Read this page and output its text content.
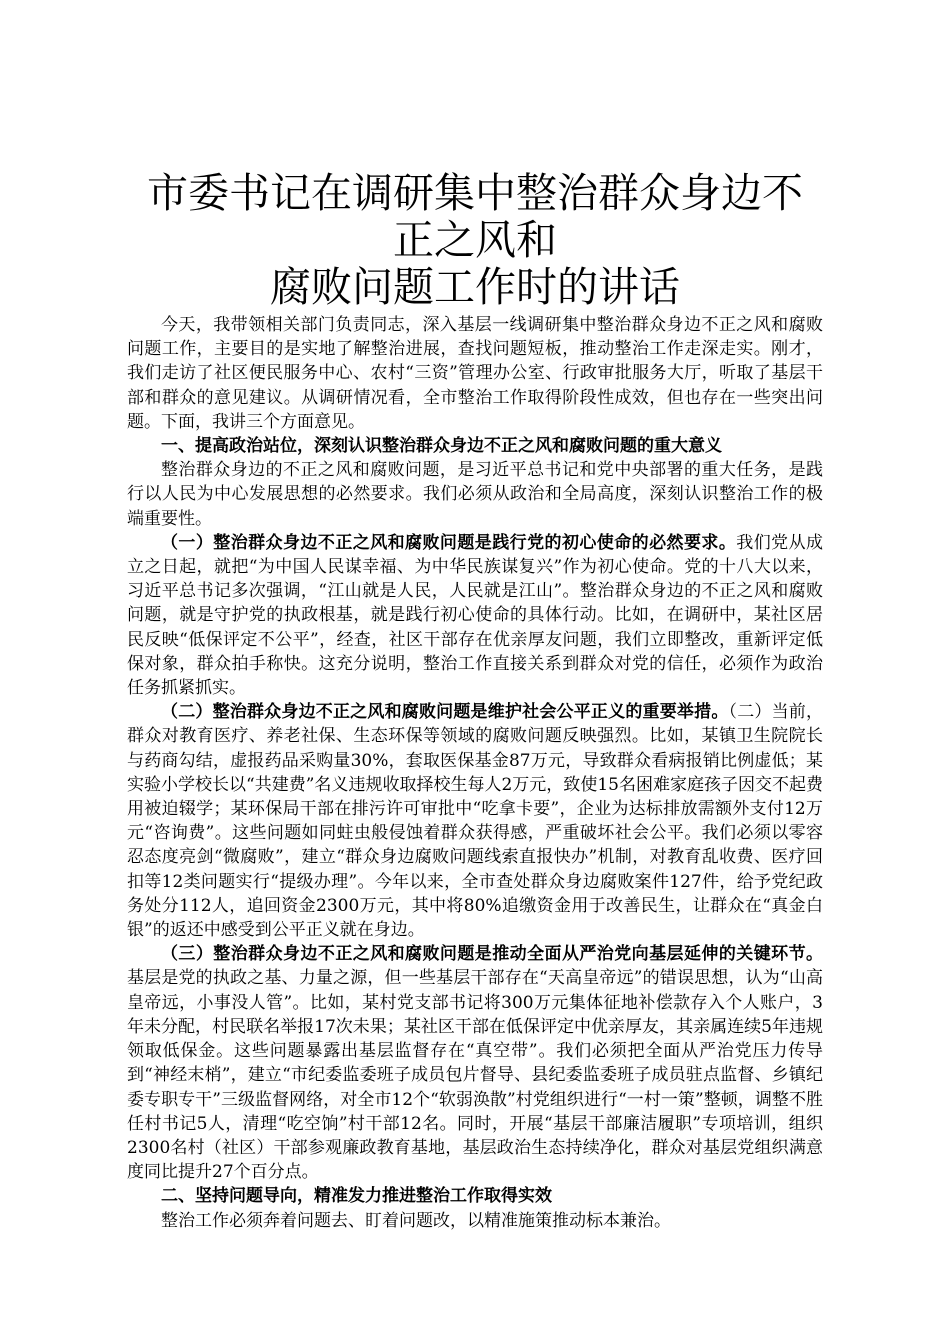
市委书记在调研集中整治群众身边不正之风和
腐败问题工作时的讲话

今天，我带领相关部门负责同志，深入基层一线调研集中整治群众身边不正之风和腐败问题工作，主要目的是实地了解整治进展，查找问题短板，推动整治工作走深走实。刚才，我们走访了社区便民服务中心、农村“三资”管理办公室、行政审批服务大厅，听取了基层干部和群众的意见建议。从调研情况看，全市整治工作取得阶段性成效，但也存在一些突出问题。下面，我讲三个方面意见。

一、提高政治站位，深刻认识整治群众身边不正之风和腐败问题的重大意义

整治群众身边的不正之风和腐败问题，是习近平总书记和党中央部署的重大任务，是践行以人民为中心发展思想的必然要求。我们必须从政治和全局高度，深刻认识整治工作的极端重要性。

（一）整治群众身边不正之风和腐败问题是践行党的初心使命的必然要求。我们党从成立之日起，就把“为中国人民谋幸福、为中华民族谋复兴”作为初心使命。党的十八大以来，习近平总书记多次强调，“江山就是人民，人民就是江山”。整治群众身边的不正之风和腐败问题，就是守护党的执政根基，就是践行初心使命的具体行动。比如，在调研中，某社区居民反映“低保评定不公平”，经查，社区干部存在优亲厚友问题，我们立即整改，重新评定低保对象，群众拍手称快。这充分说明，整治工作直接关系到群众对党的信任，必须作为政治任务抓紧抓实。

（二）整治群众身边不正之风和腐败问题是维护社会公平正义的重要举措。（二）当前，群众对教育医疗、养老社保、生态环保等领域的腐败问题反映强烈。比如，某镇卫生院院长与药商勾结，虚报药品采购量30%，套取医保基金87万元，导致群众看病报销比例虚低；某实验小学校长以“共建费”名义违规收取择校生每人2万元，致使15名困难家庭孩子因交不起费用被迫辍学；某环保局干部在排污许可审批中“吃拿卡要”，企业为达标排放需额外支付12万元“咨询费”。这些问题如同蛀虫般侵蚀着群众获得感，严重破坏社会公平。我们必须以零容忍态度亮剑“微腐败”，建立“群众身边腐败问题线索直报快办”机制，对教育乱收费、医疗回扣等12类问题实行“提级办理”。今年以来，全市查处群众身边腐败案件127件，给予党纪政务处分112人，追回资金2300万元，其中将80%追缴资金用于改善民生，让群众在“真金白银”的返还中感受到公平正义就在身边。

（三）整治群众身边不正之风和腐败问题是推动全面从严治党向基层延伸的关键环节。基层是党的执政之基、力量之源，但一些基层干部存在“天高皇帝远”的错误思想，认为“山高皇帝远，小事没人管”。比如，某村党支部书记将300万元集体征地补偿款存入个人账户，3年未分配，村民联名举报17次未果；某社区干部在低保评定中优亲厚友，其亲属连续5年违规领取低保金。这些问题暴露出基层监督存在“真空带”。我们必须把全面从严治党压力传导到“神经末梢”，建立“市纪委监委班子成员包片督导、县纪委监委班子成员驻点监督、乡镇纪委专职专干”三级监督网络，对全市12个“软弱涣散”村党组织进行“一村一策”整顿，调整不胜任村书记5人，清理“吃空饷”村干部12名。同时，开展“基层干部廉洁履职”专项培训，组织2300名村（社区）干部参观廉政教育基地，基层政治生态持续净化，群众对基层党组织满意度同比提升27个百分点。

二、坚持问题导向，精准发力推进整治工作取得实效

整治工作必须奔着问题去、盯着问题改，以精准施策推动标本兼治。
